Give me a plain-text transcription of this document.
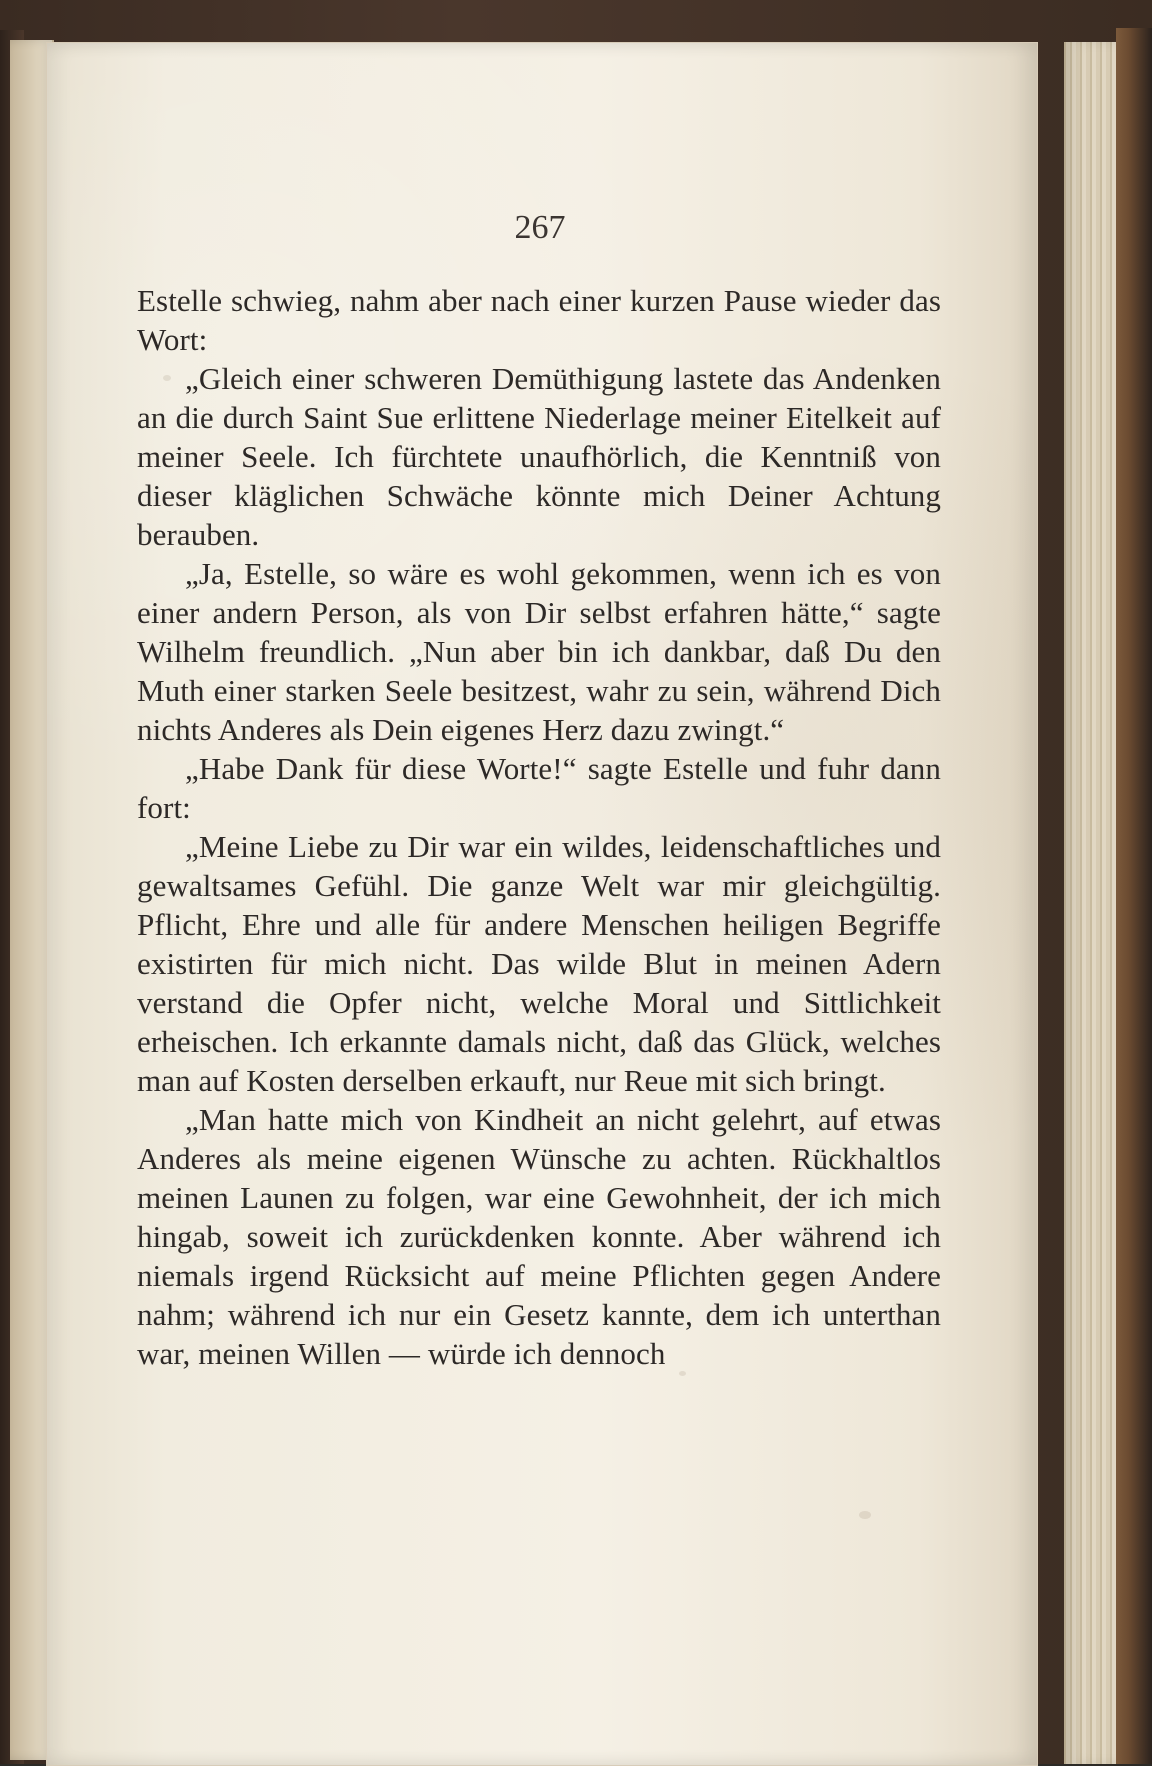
267

Estelle schwieg, nahm aber nach einer kurzen Pause wieder das Wort:

„Gleich einer schweren Demüthigung lastete das Andenken an die durch Saint Sue erlittene Niederlage meiner Eitelkeit auf meiner Seele. Ich fürchtete unaufhörlich, die Kenntniß von dieser kläglichen Schwäche könnte mich Deiner Achtung berauben.

„Ja, Estelle, so wäre es wohl gekommen, wenn ich es von einer andern Person, als von Dir selbst erfahren hätte,“ sagte Wilhelm freundlich. „Nun aber bin ich dankbar, daß Du den Muth einer starken Seele besitzest, wahr zu sein, während Dich nichts Anderes als Dein eigenes Herz dazu zwingt.“

„Habe Dank für diese Worte!“ sagte Estelle und fuhr dann fort:

„Meine Liebe zu Dir war ein wildes, leidenschaftliches und gewaltsames Gefühl. Die ganze Welt war mir gleichgültig. Pflicht, Ehre und alle für andere Menschen heiligen Begriffe existirten für mich nicht. Das wilde Blut in meinen Adern verstand die Opfer nicht, welche Moral und Sittlichkeit erheischen. Ich erkannte damals nicht, daß das Glück, welches man auf Kosten derselben erkauft, nur Reue mit sich bringt.

„Man hatte mich von Kindheit an nicht gelehrt, auf etwas Anderes als meine eigenen Wünsche zu achten. Rückhaltlos meinen Launen zu folgen, war eine Gewohnheit, der ich mich hingab, soweit ich zurückdenken konnte. Aber während ich niemals irgend Rücksicht auf meine Pflichten gegen Andere nahm; während ich nur ein Gesetz kannte, dem ich unterthan war, meinen Willen — würde ich dennoch
